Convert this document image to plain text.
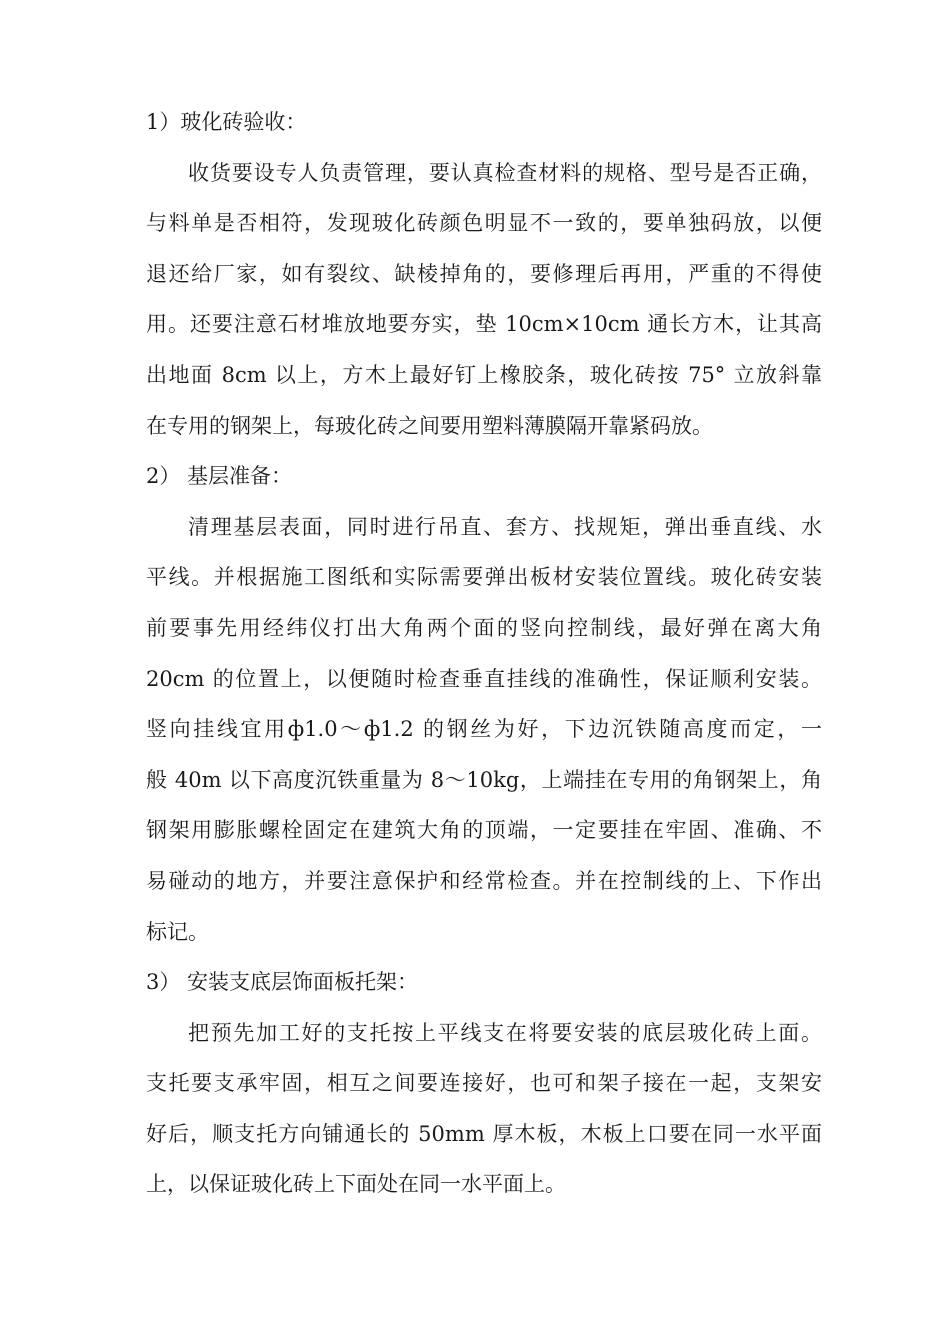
1）玻化砖验收：
收货要设专人负责管理，要认真检查材料的规格、型号是否正确，
与料单是否相符，发现玻化砖颜色明显不一致的，要单独码放，以便
退还给厂家，如有裂纹、缺棱掉角的，要修理后再用，严重的不得使
用。还要注意石材堆放地要夯实，垫 10cm×10cm 通长方木，让其高
出地面 8cm 以上，方木上最好钉上橡胶条，玻化砖按 75° 立放斜靠
在专用的钢架上，每玻化砖之间要用塑料薄膜隔开靠紧码放。
2） 基层准备：
清理基层表面，同时进行吊直、套方、找规矩，弹出垂直线、水
平线。并根据施工图纸和实际需要弹出板材安装位置线。玻化砖安装
前要事先用经纬仪打出大角两个面的竖向控制线，最好弹在离大角
20cm 的位置上，以便随时检查垂直挂线的准确性，保证顺利安装。
竖向挂线宜用ф1.0～ф1.2 的钢丝为好，下边沉铁随高度而定，一
般 40m 以下高度沉铁重量为 8～10kg，上端挂在专用的角钢架上，角
钢架用膨胀螺栓固定在建筑大角的顶端，一定要挂在牢固、准确、不
易碰动的地方，并要注意保护和经常检查。并在控制线的上、下作出
标记。
3） 安装支底层饰面板托架：
把预先加工好的支托按上平线支在将要安装的底层玻化砖上面。
支托要支承牢固，相互之间要连接好，也可和架子接在一起，支架安
好后，顺支托方向铺通长的 50mm 厚木板，木板上口要在同一水平面
上，以保证玻化砖上下面处在同一水平面上。
